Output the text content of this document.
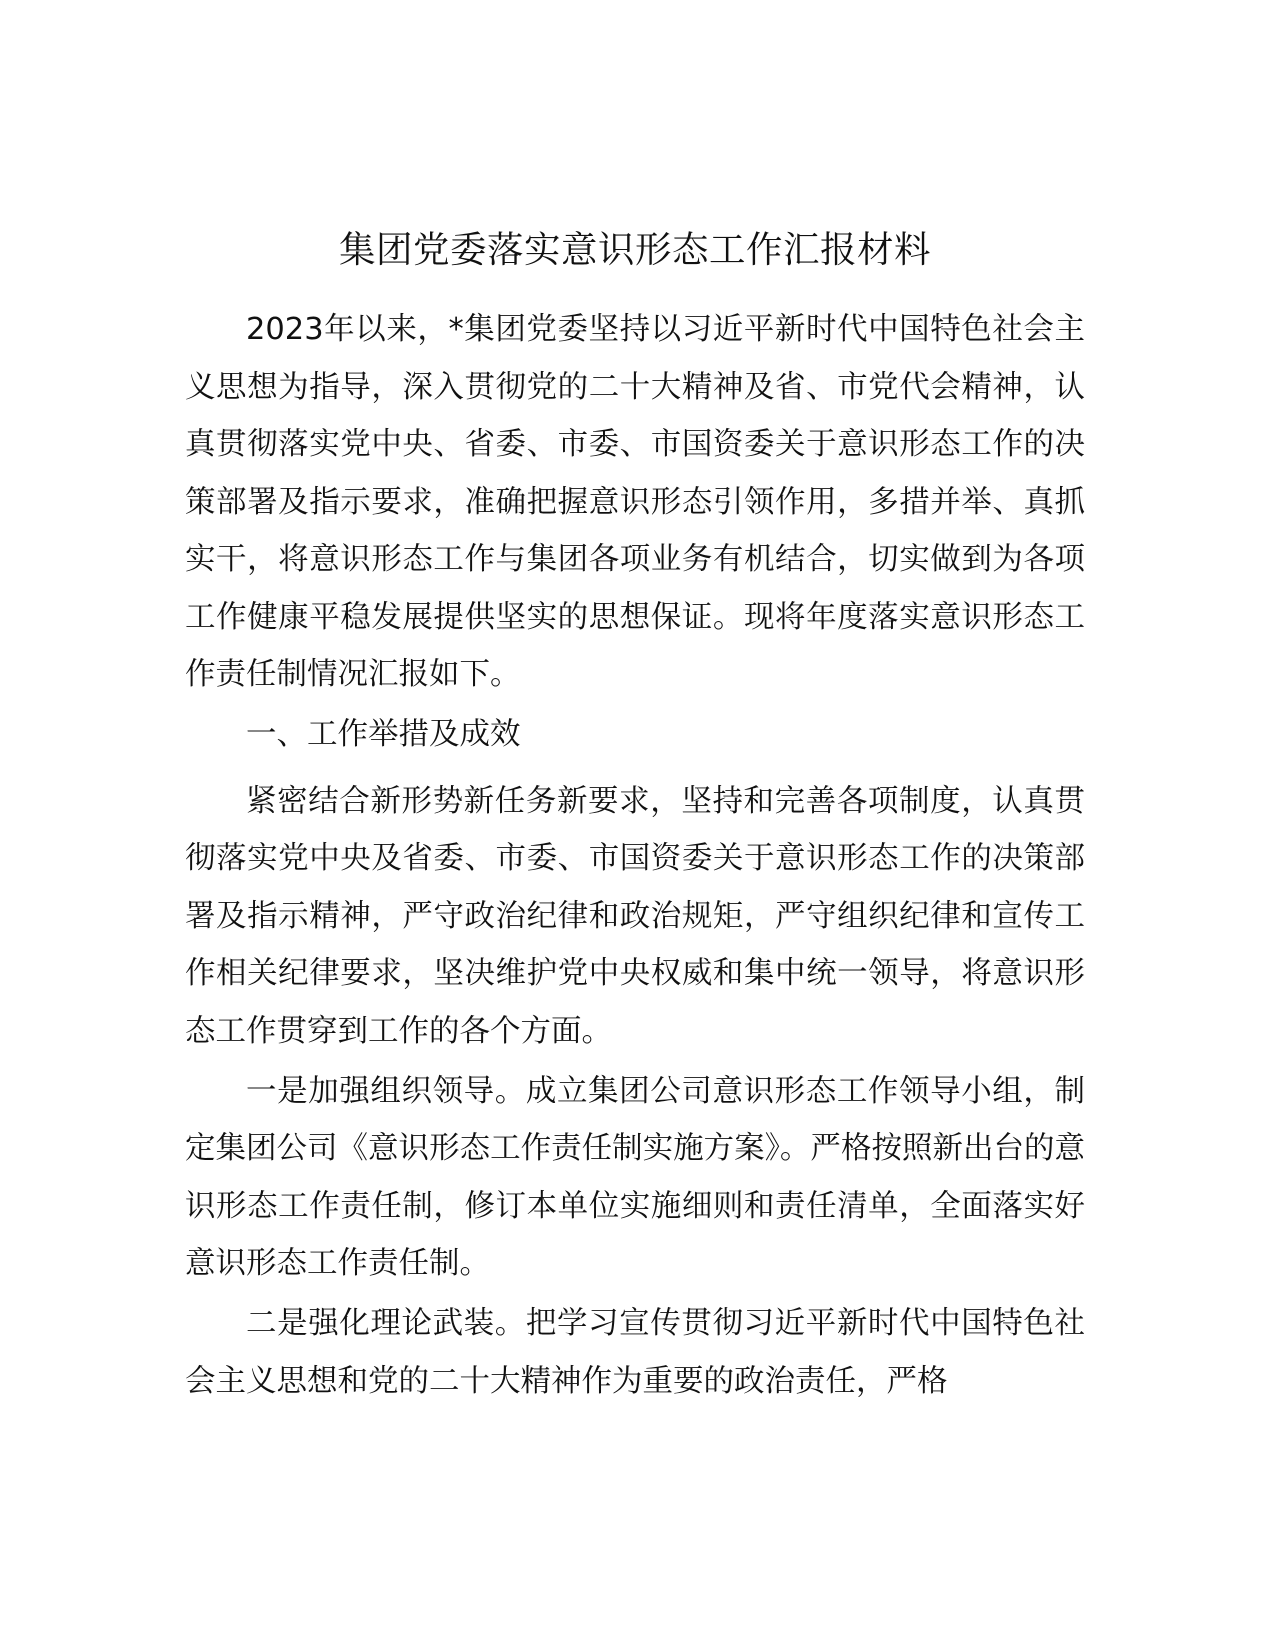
集团党委落实意识形态工作汇报材料

2023年以来，*集团党委坚持以习近平新时代中国特色社会主义思想为指导，深入贯彻党的二十大精神及省、市党代会精神，认真贯彻落实党中央、省委、市委、市国资委关于意识形态工作的决策部署及指示要求，准确把握意识形态引领作用，多措并举、真抓实干，将意识形态工作与集团各项业务有机结合，切实做到为各项工作健康平稳发展提供坚实的思想保证。现将年度落实意识形态工作责任制情况汇报如下。

一、工作举措及成效

紧密结合新形势新任务新要求，坚持和完善各项制度，认真贯彻落实党中央及省委、市委、市国资委关于意识形态工作的决策部署及指示精神，严守政治纪律和政治规矩，严守组织纪律和宣传工作相关纪律要求，坚决维护党中央权威和集中统一领导，将意识形态工作贯穿到工作的各个方面。

一是加强组织领导。成立集团公司意识形态工作领导小组，制定集团公司《意识形态工作责任制实施方案》。严格按照新出台的意识形态工作责任制，修订本单位实施细则和责任清单，全面落实好意识形态工作责任制。

二是强化理论武装。把学习宣传贯彻习近平新时代中国特色社会主义思想和党的二十大精神作为重要的政治责任，严格
